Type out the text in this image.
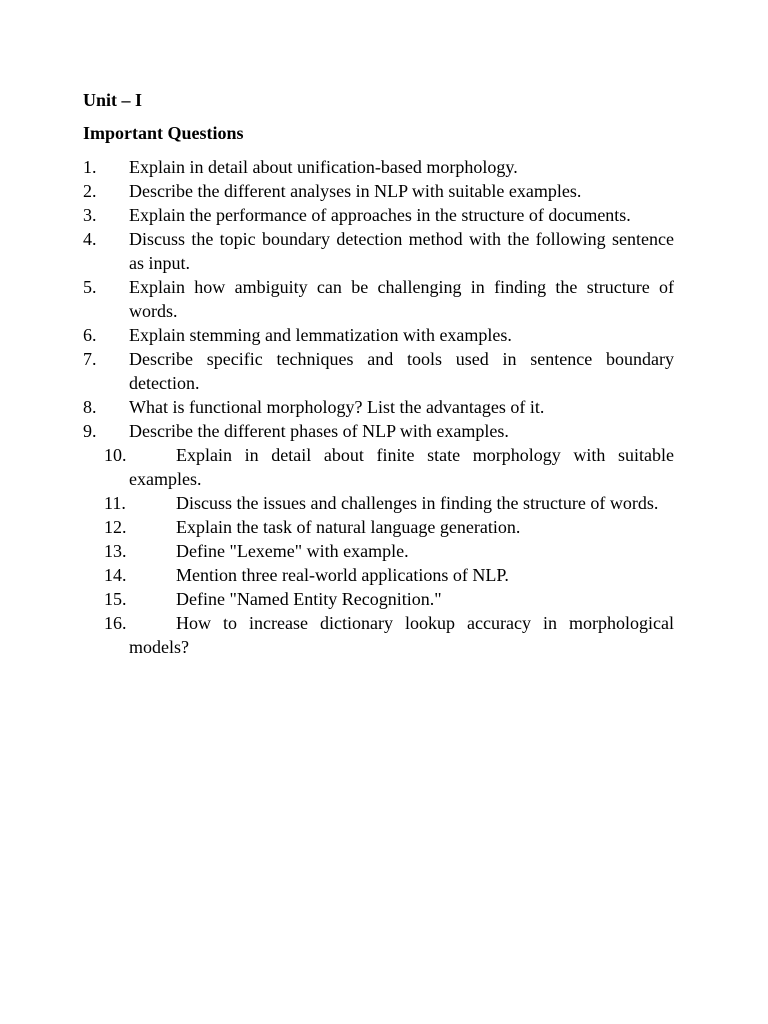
Unit – I

Important Questions

1.	Explain in detail about unification-based morphology.
2.	Describe the different analyses in NLP with suitable examples.
3.	Explain the performance of approaches in the structure of documents.
4.	Discuss the topic boundary detection method with the following sentence as input.
5.	Explain how ambiguity can be challenging in finding the structure of words.
6.	Explain stemming and lemmatization with examples.
7.	Describe specific techniques and tools used in sentence boundary detection.
8.	What is functional morphology? List the advantages of it.
9.	Describe the different phases of NLP with examples.
10.	Explain in detail about finite state morphology with suitable examples.
11.	Discuss the issues and challenges in finding the structure of words.
12.	Explain the task of natural language generation.
13.	Define "Lexeme" with example.
14.	Mention three real-world applications of NLP.
15.	Define "Named Entity Recognition."
16.	How to increase dictionary lookup accuracy in morphological models?
